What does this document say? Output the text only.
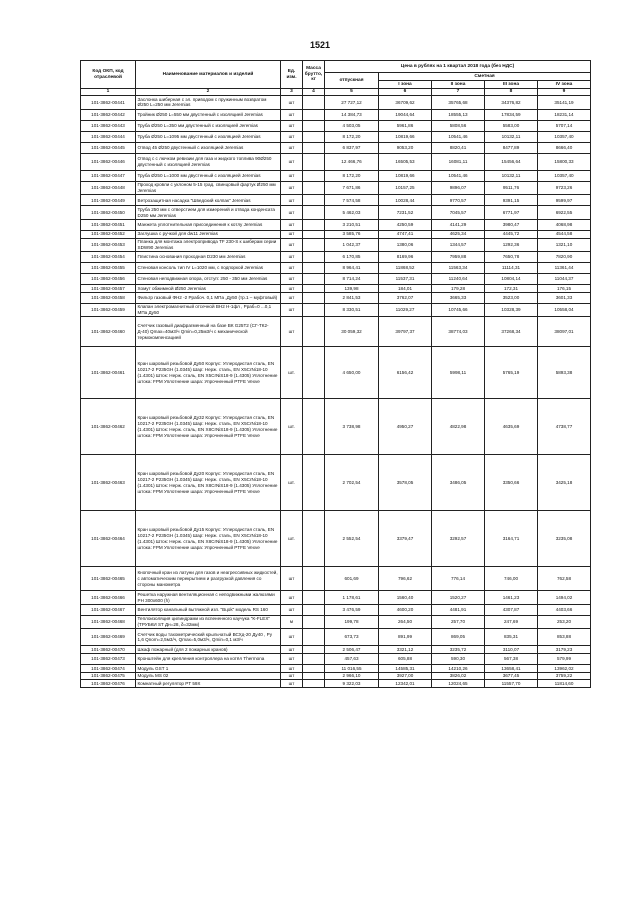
1521
Код ОКП, код отраслевой	Наименование материалов и изделий	Ед. изм.	Масса брутто, кг	Цена в рублях на 1 квартал 2018 года (без НДС)				
				отпускная	Сметная			
					I зона	II зона	III зона	IV зона
1	2	3	4	5	6	7	8	9
101-3862-00441	Заслонка шиберная с эл. приводом с пружинным возвратом Ø250 L=250 мм Jeremias	шт		27 727,12	36709,62	35765,68	34376,82	35141,19
101-3862-00442	Тройник Ø250 L=550 мм двустенный с изоляцией Jeremias	шт		14 384,73	19044,64	18555,13	17834,59	18231,14
101-3862-00443	Труба Ø250 L=350 мм двустенный с изоляцией Jeremias	шт		4 503,05	5961,86	5808,56	5583,00	5707,14
101-3862-00444	Труба Ø250 L=1095 мм двустенный с изоляцией Jeremias	шт		8 172,20	10819,66	10541,46	10132,11	10357,40
101-3862-00445	Отвод 45 Ø250 двустенный с изоляцией Jeremias	шт		6 837,97	9053,20	8820,41	8477,89	8666,40
101-3862-00446	Отвод с с лючком ревизии для газа и жидкого топлива 90Ø250 двустенный с изоляцией Jeremias	шт		12 466,76	16505,53	16081,11	15456,64	15800,33
101-3862-00447	Труба Ø250 L=1000 мм двустенный с изоляцией Jeremias	шт		8 172,20	10819,66	10541,46	10132,11	10357,40
101-3862-00448	Проход кровли с уклоном 5-15 град. свинцовый фартук Ø250 мм Jeremias	шт		7 671,86	10157,25	9896,07	9511,76	9723,26
101-3862-00449	Ветрозащитная насадка "Шведский колпак" Jeremias	шт		7 574,58	10028,44	9770,57	9391,15	9599,97
101-3862-00450	Труба 250 мм с отверстием для измерений и отвода конденсата D250 мм Jeremias	шт		5 462,03	7231,52	7045,57	6771,97	6922,55
101-3862-00451	Манжета уплотнительная присоединения к котлу Jeremias	шт		3 210,51	4250,59	4141,29	3980,47	4068,98
101-3862-00452	Заглушка с ручкой для dw11 Jeremias	шт		3 585,76	4747,41	4625,34	4445,72	4544,58
101-3862-00453	Планка для монтажа электропривода TF 230-S к шиберам серии SDW90 Jeremias	шт		1 042,37	1380,06	1344,57	1292,36	1321,10
101-3862-00454	Плистина основания проходная D230 мм Jeremias	шт		6 170,85	8169,96	7959,88	7650,78	7820,90
101-3862-00455	Стеновая консоль тип IV L=1020 мм, с подпоркой Jeremias	шт		8 964,41	11868,52	11563,34	11114,31	11361,44
101-3862-00456	Стеновая неподвижная опора, отступ: 250 - 350 мм Jeremias	шт		8 714,24	11537,31	11240,64	10804,14	11044,37
101-3862-00457	Хомут обжимной Ø250 Jeremias	шт		139,98	184,01	179,28	172,31	176,15
101-3862-00458	Фильтр газовый ФН2 -2 Ррабоч. 0,1 МПа ,Ду50 (тр.1 – муфтовый)	шт		2 841,53	3762,07	3665,33	3523,00	3601,33
101-3862-00459	Клапан электромагнитный отсечной ВН2 Н-1фл , Рраб=0 ...0,1 МПа Ду50	шт		8 330,51	11029,27	10745,66	10328,39	10558,04
101-3862-00460	Счетчик газовый диафрагменный на базе ВК G25Т2 (СГ-ТК2-Д-40) Qmax=40м3/ч Qmin=0,25м3/ч с механической термокомпенсацией	шт		30 059,32	39797,37	38774,03	37268,34	38097,01
101-3862-00461	Кран шаровый резьбовой Ду50 Корпус: Углеродистая сталь, EN 10217-2 P235GH (1.0345) Шар: Нерж. сталь, EN X5CrNi18-10 (1.4301) Шток: Нерж. сталь, EN X5CrNiS18-9 (1.4305) Уплотнение штока: FPM Уплотнение шара: Упрочненный PTFE Vexve	шт.		4 650,00	6156,42	5998,11	5765,19	5893,38
101-3862-00462	Кран шаровый резьбовой Ду32 Корпус: Углеродистая сталь, EN 10217-2 P235GH (1.0345) Шар: Нерж. сталь, EN X5CrNi18-10 (1.4301) Шток: Нерж. сталь, EN X8CrNiS18-9 (1.4305) Уплотнение штока: FPM Уплотнение шара: Упрочненный PTFE Vexve	шт.		3 738,98	4950,27	4822,98	4635,69	4738,77
101-3862-00463	Кран шаровый резьбовой Ду20 Корпус: Углеродистая сталь, EN 10217-2 P235GH (1.0345) Шар: Нерж. сталь, EN X5CrNi18-10 (1.4301) Шток: Нерж. сталь, EN X8CrNiS18-9 (1.4305) Уплотнение штока: FPM Уплотнение шара: Упрочненный PTFE Vexve	шт.		2 702,54	3578,05	3486,05	3350,66	3425,18
101-3862-00464	Кран шаровый резьбовой Ду15 Корпус: Углеродистая сталь, EN 10217-2 P235GH (1.0345) Шар: Нерж. сталь, EN X5CrNi18-10 (1.4301) Шток: Нерж. сталь, EN X8CrNiS18-9 (1.4305) Уплотнение штока: FPM Уплотнение шара: Упрочненный PTFE Vexve	шт.		2 552,54	3379,47	3292,57	3164,71	3235,08
101-3862-00465	Кнопочный кран из латуни для газов и неагрессивных жидкостей, с автоматическим перекрытием и разгрузкой давления со стороны манометра	шт		601,69	796,62	776,14	746,00	762,58
101-3862-00466	Решетка наружная вентиляционная с неподвижными жалюзями РН 300x600 (h)	шт		1 178,61	1560,40	1520,27	1461,23	1494,02
101-3862-00467	Вентилятор канальный вытяжной изп. "Вцоk" модель RS 160	шт		3 476,59	4600,20	4481,91	4307,87	4403,66
101-3862-00468	Теплоизоляция цилиндрами из вспененного каучука "K-FLEX" (ТРУБКИ ST Дн=28, δ=32мм)	м		199,78	264,50	257,70	247,69	253,20
101-3862-00469	Счетчик воды тахометрический крыльчатый ВСХд-20 Ду40 , Py 1,6 Qnom=2,5м3/ч, Qmax=5,0м3/ч, Qmin=0,1 м3/ч	шт		673,73	891,99	869,05	835,31	853,88
101-3862-00470	Шкаф пожарный (для 2 пожарных кранов)	шт		2 506,47	3321,12	3235,72	3110,07	3179,23
101-3862-00473	Кронштейн для крепления контроллера на котёл Thermona	шт		457,63	605,88	590,30	567,38	579,99
101-3862-00474	Модуль GST 1	шт		11 016,55	14585,31	14210,26	13658,41	13962,02
101-3862-00475	Модуль MS 02	шт		2 966,10	3927,00	3826,02	3677,45	3759,22
101-3862-00476	Комнатный регулятор PT 59X	шт		9 322,03	12342,01	12024,65	11557,70	11814,60
